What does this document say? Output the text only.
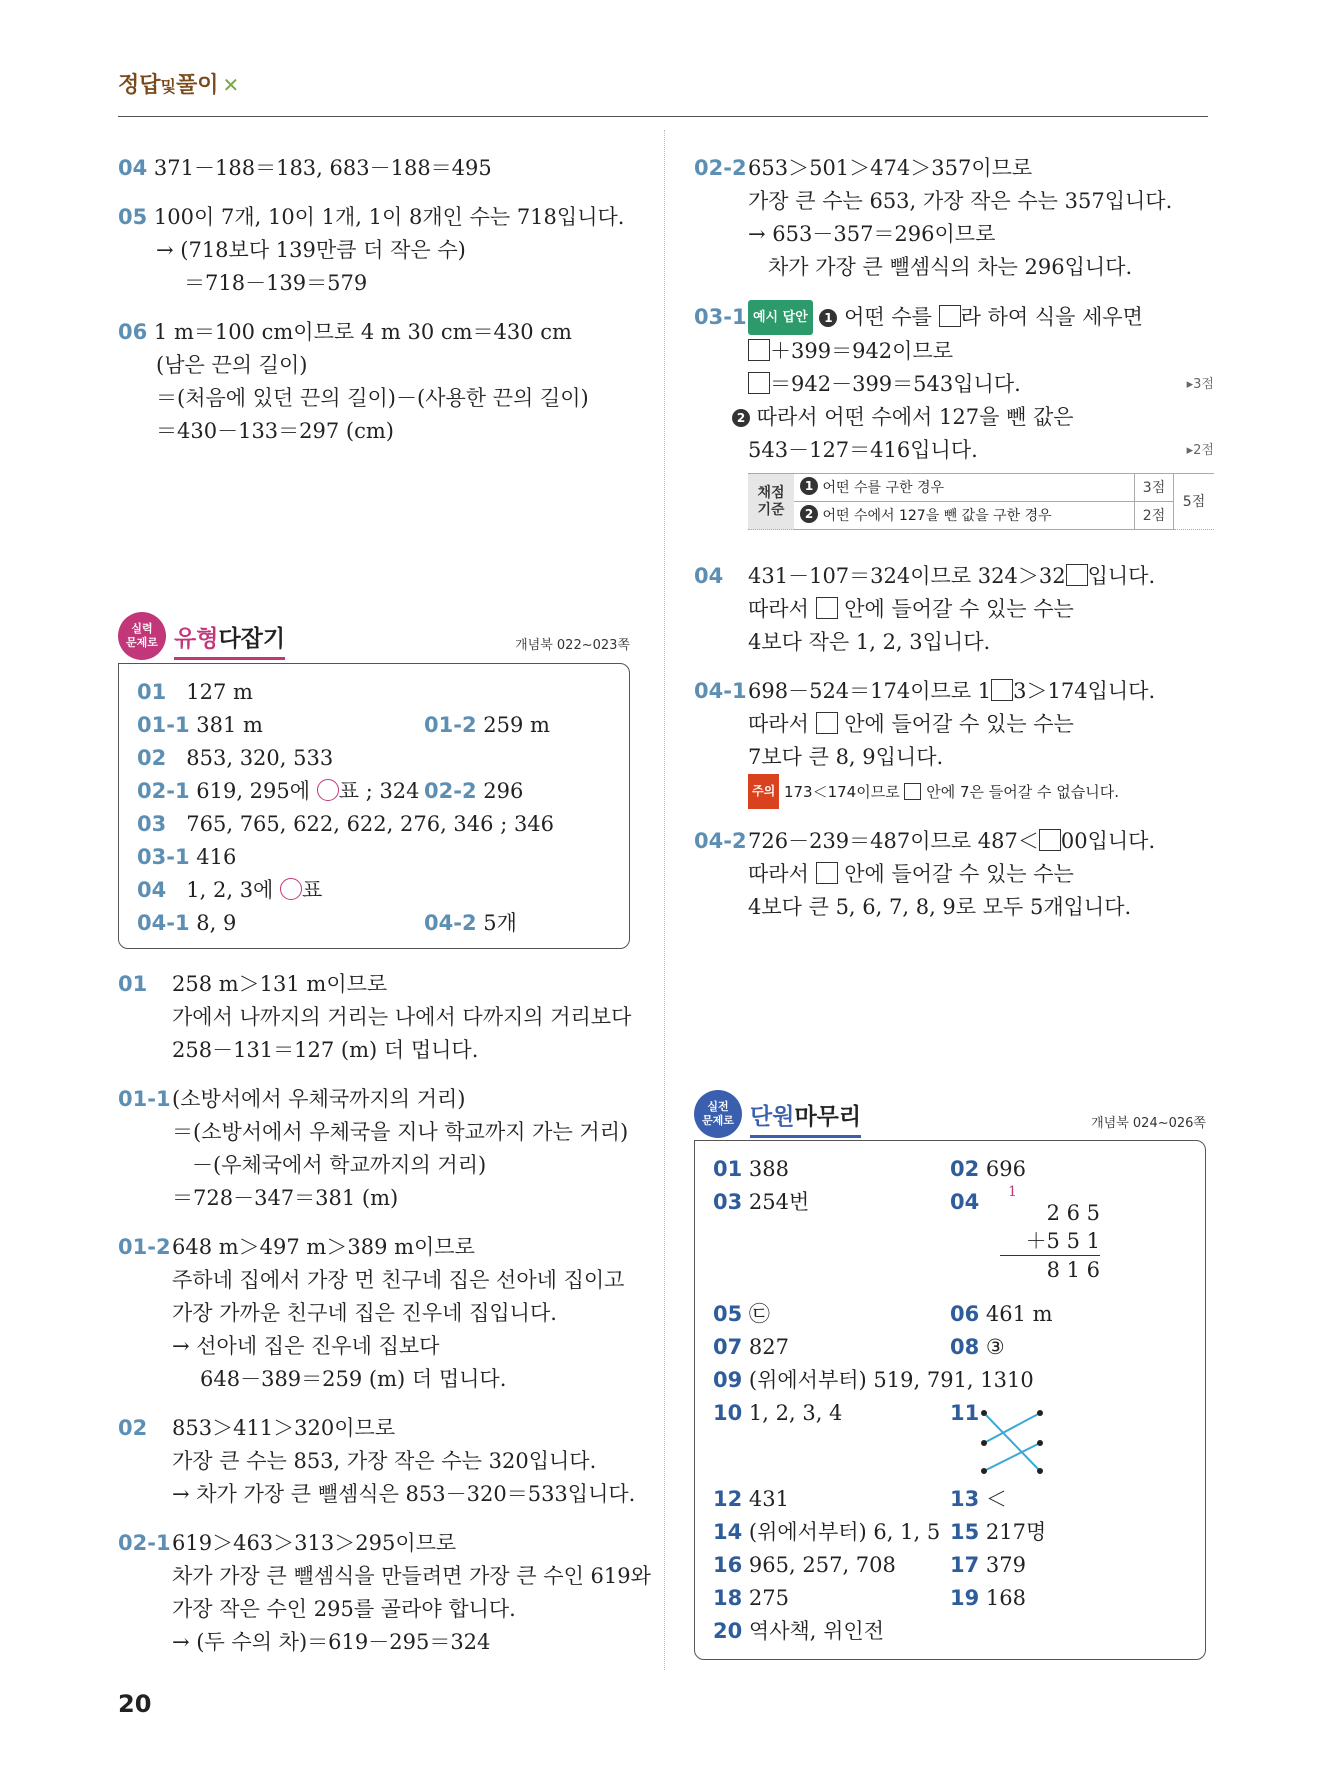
정답및풀이 ✕
04 371－188＝183, 683－188＝495
05 100이 7개, 10이 1개, 1이 8개인 수는 718입니다.
→ (718보다 139만큼 더 작은 수)
＝718－139＝579
06 1 m＝100 cm이므로 4 m 30 cm＝430 cm
(남은 끈의 길이)
＝(처음에 있던 끈의 길이)－(사용한 끈의 길이)
＝430－133＝297 (cm)
실력
문제로 유형다잡기	개념북 022~023쪽
01 127 m
01-1 381 m	01-2 259 m
02 853, 320, 533
02-1 619, 295에 ○표 ; 324 02-2 296
03 765, 765, 622, 622, 276, 346 ; 346
03-1 416
04 1, 2, 3에 ○표
04-1 8, 9	04-2 5개
01 258 m＞131 m이므로
가에서 나까지의 거리는 나에서 다까지의 거리보다
258－131＝127 (m) 더 멉니다.
01-1(소방서에서 우체국까지의 거리)
＝(소방서에서 우체국을 지나 학교까지 가는 거리)
－(우체국에서 학교까지의 거리)
＝728－347＝381 (m)
01-2648 m＞497 m＞389 m이므로
주하네 집에서 가장 먼 친구네 집은 선아네 집이고
가장 가까운 친구네 집은 진우네 집입니다.
→ 선아네 집은 진우네 집보다
648－389＝259 (m) 더 멉니다.
02 853＞411＞320이므로
가장 큰 수는 853, 가장 작은 수는 320입니다.
→ 차가 가장 큰 뺄셈식은 853－320＝533입니다.
02-1619＞463＞313＞295이므로
차가 가장 큰 뺄셈식을 만들려면 가장 큰 수인 619와
가장 작은 수인 295를 골라야 합니다.
→ (두 수의 차)＝619－295＝324
02-2653＞501＞474＞357이므로
가장 큰 수는 653, 가장 작은 수는 357입니다.
→ 653－357＝296이므로
차가 가장 큰 뺄셈식의 차는 296입니다.
03-1 예시 답안 1 어떤 수를 라 하여 식을 세우면
＋399＝942이므로
＝942－399＝543입니다.	▸3점
2 따라서 어떤 수에서 127을 뺀 값은
543－127＝416입니다.	▸2점
채점
기준	1 어떤 수를 구한 경우	3점	5점
	2 어떤 수에서 127을 뺀 값을 구한 경우	2점	
04 431－107＝324이므로 324＞32 입니다.
따라서  안에 들어갈 수 있는 수는
4보다 작은 1, 2, 3입니다.
04-1698－524＝174이므로 1 3＞174입니다.
따라서  안에 들어갈 수 있는 수는
7보다 큰 8, 9입니다.
주의 173＜174이므로  안에 7은 들어갈 수 없습니다.
04-2726－239＝487이므로 487＜ 00입니다.
따라서  안에 들어갈 수 있는 수는
4보다 큰 5, 6, 7, 8, 9로 모두 5개입니다.
실전
문제로 단원마무리	개념북 024~026쪽
01 388	02 696
03 254번	04	1
2 6 5
＋5 5 1
8 1 6
05 ㉢	06 461 m
07 827	08 ③
09 (위에서부터) 519, 791, 1310
10 1, 2, 3, 4	11
12 431	13 ＜
14 (위에서부터) 6, 1, 5 15 217명
16 965, 257, 708	17 379
18 275	19 168
20 역사책, 위인전
20
